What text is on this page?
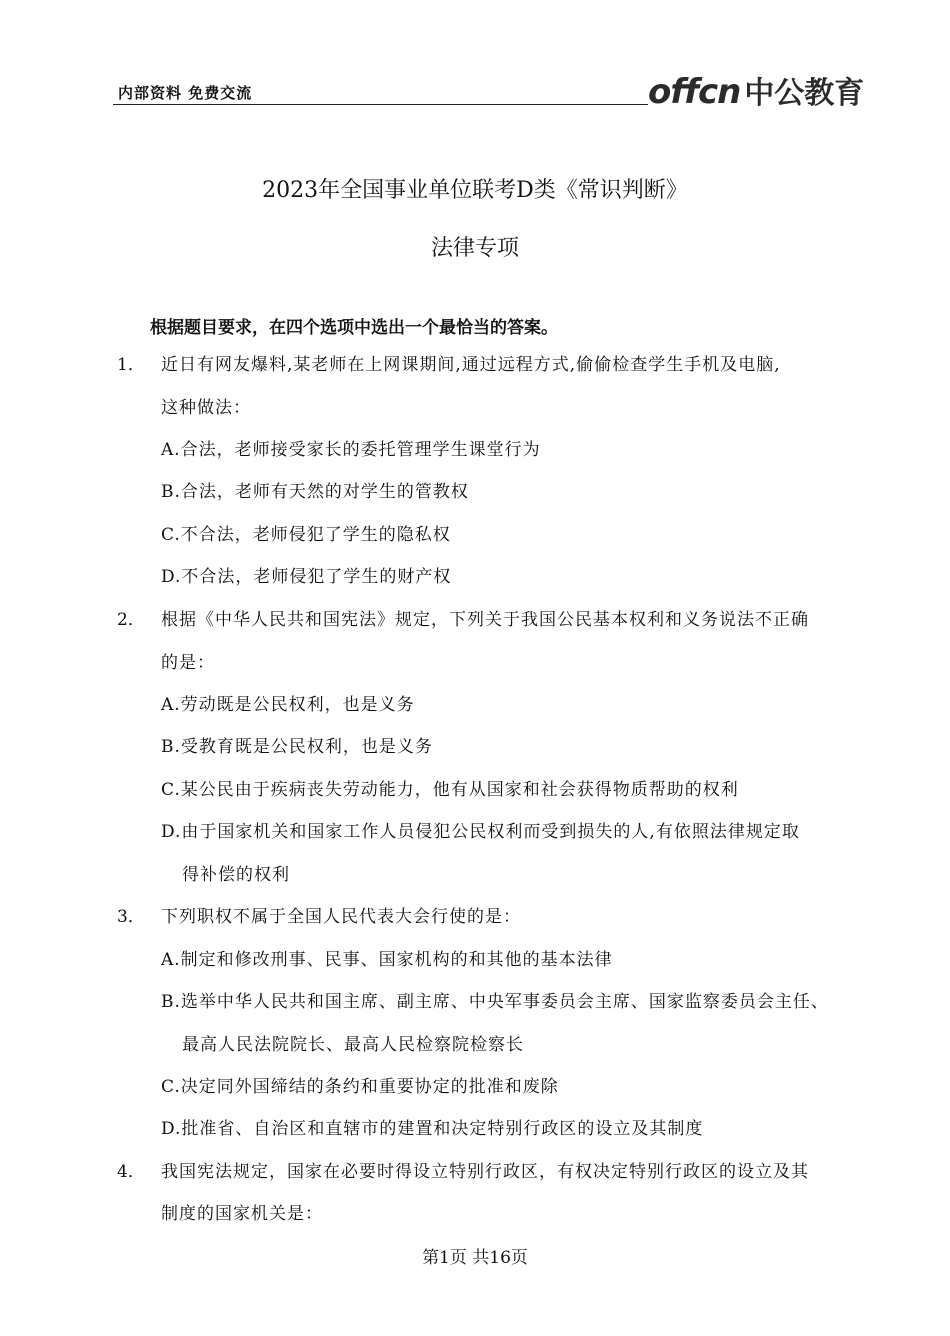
内部资料 免费交流	offcn 中公教育
2023年全国事业单位联考D类《常识判断》
法律专项
根据题目要求，在四个选项中选出一个最恰当的答案。
1． 近日有网友爆料,某老师在上网课期间,通过远程方式,偷偷检查学生手机及电脑,
这种做法：
A.合法，老师接受家长的委托管理学生课堂行为
B.合法，老师有天然的对学生的管教权
C.不合法，老师侵犯了学生的隐私权
D.不合法，老师侵犯了学生的财产权
2． 根据《中华人民共和国宪法》规定，下列关于我国公民基本权利和义务说法不正确
的是：
A.劳动既是公民权利，也是义务
B.受教育既是公民权利，也是义务
C.某公民由于疾病丧失劳动能力，他有从国家和社会获得物质帮助的权利
D.由于国家机关和国家工作人员侵犯公民权利而受到损失的人,有依照法律规定取
得补偿的权利
3． 下列职权不属于全国人民代表大会行使的是：
A.制定和修改刑事、民事、国家机构的和其他的基本法律
B.选举中华人民共和国主席、副主席、中央军事委员会主席、国家监察委员会主任、
最高人民法院院长、最高人民检察院检察长
C.决定同外国缔结的条约和重要协定的批准和废除
D.批准省、自治区和直辖市的建置和决定特别行政区的设立及其制度
4． 我国宪法规定，国家在必要时得设立特别行政区，有权决定特别行政区的设立及其
制度的国家机关是：
第1页 共16页
